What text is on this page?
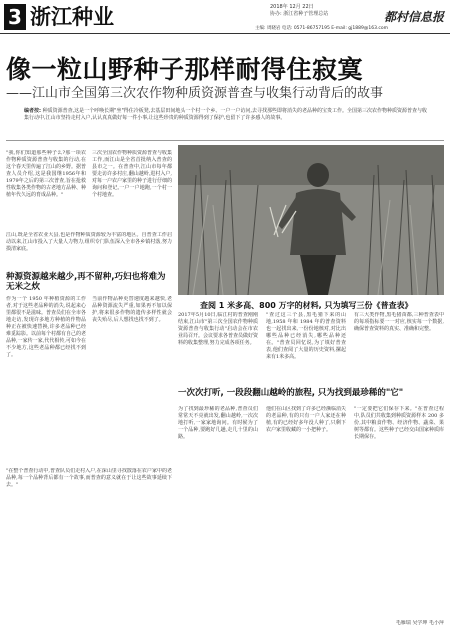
3 浙江种业	2018年 12月 22日
协办: 浙江省种子管理总站	都村信息报
主编: 周晓岩 电话: 0571-86757195 E-mail: gj1889@163.com
像一粒山野种子那样耐得住寂寞
——江山市全国第三次农作物种质资源普查与收集行动背后的故事
编者按: 种质资源普查,这是一个呼唤长期"坐"得住冷板凳,去基层田间地头一个村一个乡、一户一户访问,去寻找那些即将消失的老品种的宝贵工作。全国第三次农作物种质资源普查与收集行动中,江山市坚持走村入户,认认真真做好每一件小事,让这些珍贵的种质资源得到了保护,也留下了许多感人的故事。
"我,你们知道那些种子么?那一项农作物种质资源普查与收集的行动,在这个春天里传遍了江山的乡野。据普查人员介绍,这是我国继1956年和1979年之后的第三次普查,旨在抢救性收集各类作物的古老地方品种、种植年代久远的育成品种。"
三次全国农作物种质资源普查与收集工作,而江山是全省首批纳入普查的县市之一。在普查中,江山市每年都要走访许多村庄,翻山越岭,进村入户,对每一户农户家里的种子进行仔细的询问和登记,一户一户地跑,一个村一个村地查。
江山,既是全省农业大县,也是作物种质资源较为丰富的地区。自普查工作启动以来,江山市投入了大量人力物力,组织专门队伍深入全市各乡镇村落,努力摸清家底。
种源资源越来越少,再不留种,巧妇也将难为无米之炊
作为一个 1950 年种植资源的工作者,对于这些老品种的消失,说起来心里都很不是滋味。普查员们在全市各地走访,发现许多地方种植的作物品种正在被快速替换,许多老品种已经难觅踪影。以前每个村都有自己的老品种,一家传一家,代代相传,可如今在不少地方,这些老品种都已经找不到了。
当前作物品种更替速度越来越快,老品种资源流失严重,如果再不加以保护,将来很多作物的遗传多样性就会丧失殆尽,后人想找也找不到了。
查阅 1 米多高、800 万字的材料, 只为填写三份《普查表》
2017年5月10日,临江村的普查刚刚结束,江山市"第三次全国农作物种质资源普查与收集行动"启动会在市农业局召开。会议要求各普查员做好资料的收集整理,努力完成各项任务。
"查过这三个县,黑毛猪下来的山地,1958 年和 1984 年的普查资料也一起找出来,一份份地核对,对比出哪些品种已经消失,哪些品种还在。"普查员回忆说,为了填好普查表,他们查阅了大量的历史资料,摞起来有1米多高。
有三大类作物,黑毛猪苗都,三种普查表中的每项指标要一一对应,核实每一个数据,确保普查资料的真实、准确和完整。
一次次打听, 一段段翻山越岭的旅程, 只为找到最珍稀的"它"
为了找到最珍稀的老品种,普查员们常常天不亮就出发,翻山越岭,一次次地打听,一家家地询问。有时候为了一个品种,要跑好几趟,走几十里的山路。
他们在山区找到了许多已经濒临消失的老品种,有的只有一户人家还在种植,有的已经好多年没人种了,只剩下农户家里收藏的一小把种子。
"一定要把它们保存下来。"在普查过程中,队员们共收集到种质资源样本 200 多份,其中粮食作物、经济作物、蔬菜、果树等都有。这些种子已经交由国家种质库长期保存。
毛雁瑞 吴学坤 毛小萍
"在整个普查行动中,普查队员们走村入户,在深山里寻找散落在农户家中的老品种,每一个品种背后都有一个故事,而普查的意义就在于让这些故事延续下去。"
